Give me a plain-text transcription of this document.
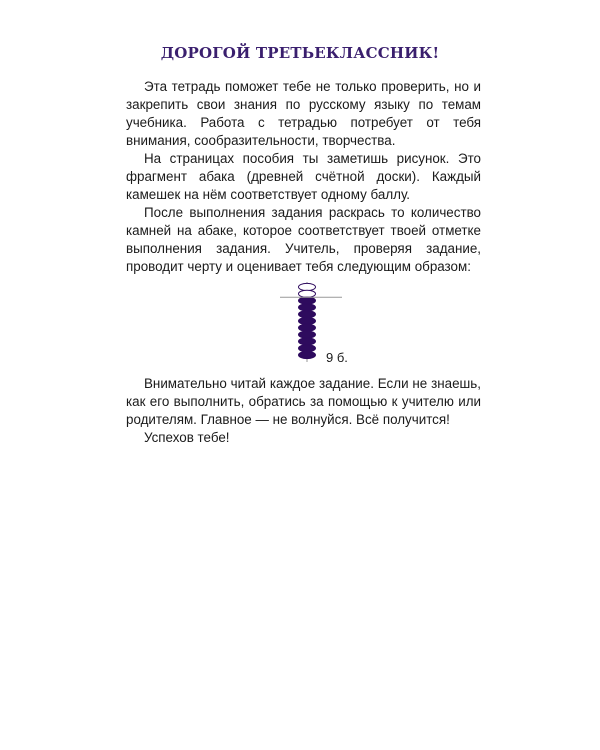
ДОРОГОЙ ТРЕТЬЕКЛАССНИК!

Эта тетрадь поможет тебе не только проверить, но и закрепить свои знания по русскому языку по темам учебника. Работа с тетрадью потребует от тебя внимания, сообразительности, творчества.

На страницах пособия ты заметишь рисунок. Это фрагмент абака (древней счётной доски). Каждый камешек на нём соответствует одному баллу.

После выполнения задания раскрась то количество камней на абаке, которое соответствует твоей отметке выполнения задания. Учитель, проверяя задание, проводит черту и оценивает тебя следующим образом:

9 б.

Внимательно читай каждое задание. Если не знаешь, как его выполнить, обратись за помощью к учителю или родителям. Главное — не волнуйся. Всё получится!

Успехов тебе!
